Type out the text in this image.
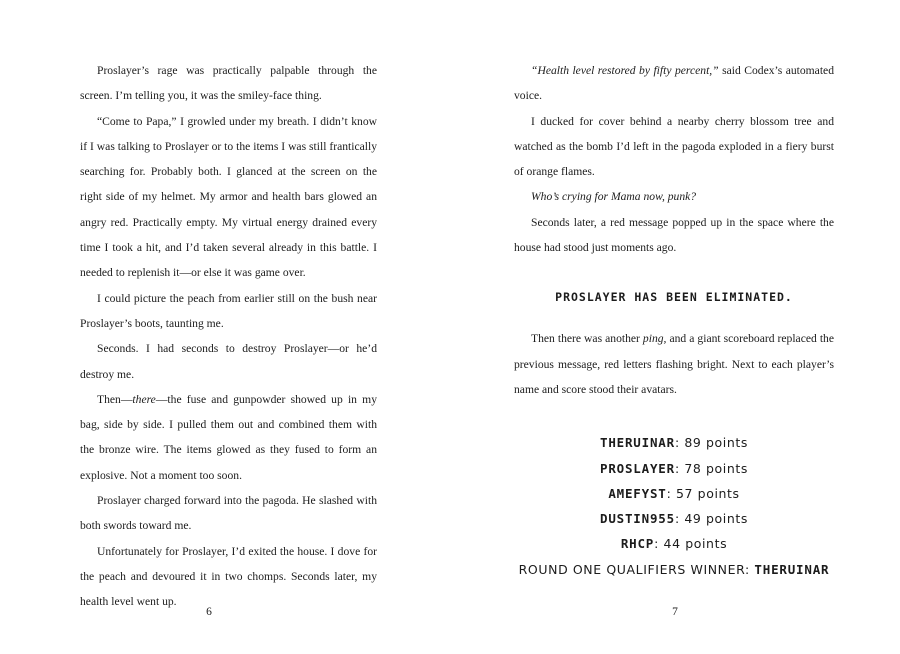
Proslayer’s rage was practically palpable through the screen. I’m telling you, it was the smiley-face thing.

“Come to Papa,” I growled under my breath. I didn’t know if I was talking to Proslayer or to the items I was still frantically searching for. Probably both. I glanced at the screen on the right side of my helmet. My armor and health bars glowed an angry red. Practically empty. My virtual energy drained every time I took a hit, and I’d taken several already in this battle. I needed to replenish it—or else it was game over.

I could picture the peach from earlier still on the bush near Proslayer’s boots, taunting me.

Seconds. I had seconds to destroy Proslayer—or he’d destroy me.

Then—there—the fuse and gunpowder showed up in my bag, side by side. I pulled them out and combined them with the bronze wire. The items glowed as they fused to form an explosive. Not a moment too soon.

Proslayer charged forward into the pagoda. He slashed with both swords toward me.

Unfortunately for Proslayer, I’d exited the house. I dove for the peach and devoured it in two chomps. Seconds later, my health level went up.

6

“Health level restored by fifty percent,” said Codex’s automated voice.

I ducked for cover behind a nearby cherry blossom tree and watched as the bomb I’d left in the pagoda exploded in a fiery burst of orange flames.

Who’s crying for Mama now, punk?

Seconds later, a red message popped up in the space where the house had stood just moments ago.

PROSLAYER HAS BEEN ELIMINATED.

Then there was another ping, and a giant scoreboard replaced the previous message, red letters flashing bright. Next to each player’s name and score stood their avatars.

THERUINAR: 89 points
PROSLAYER: 78 points
AMEFYST: 57 points
DUSTIN955: 49 points
RHCP: 44 points
ROUND ONE QUALIFIERS WINNER: THERUINAR
7
